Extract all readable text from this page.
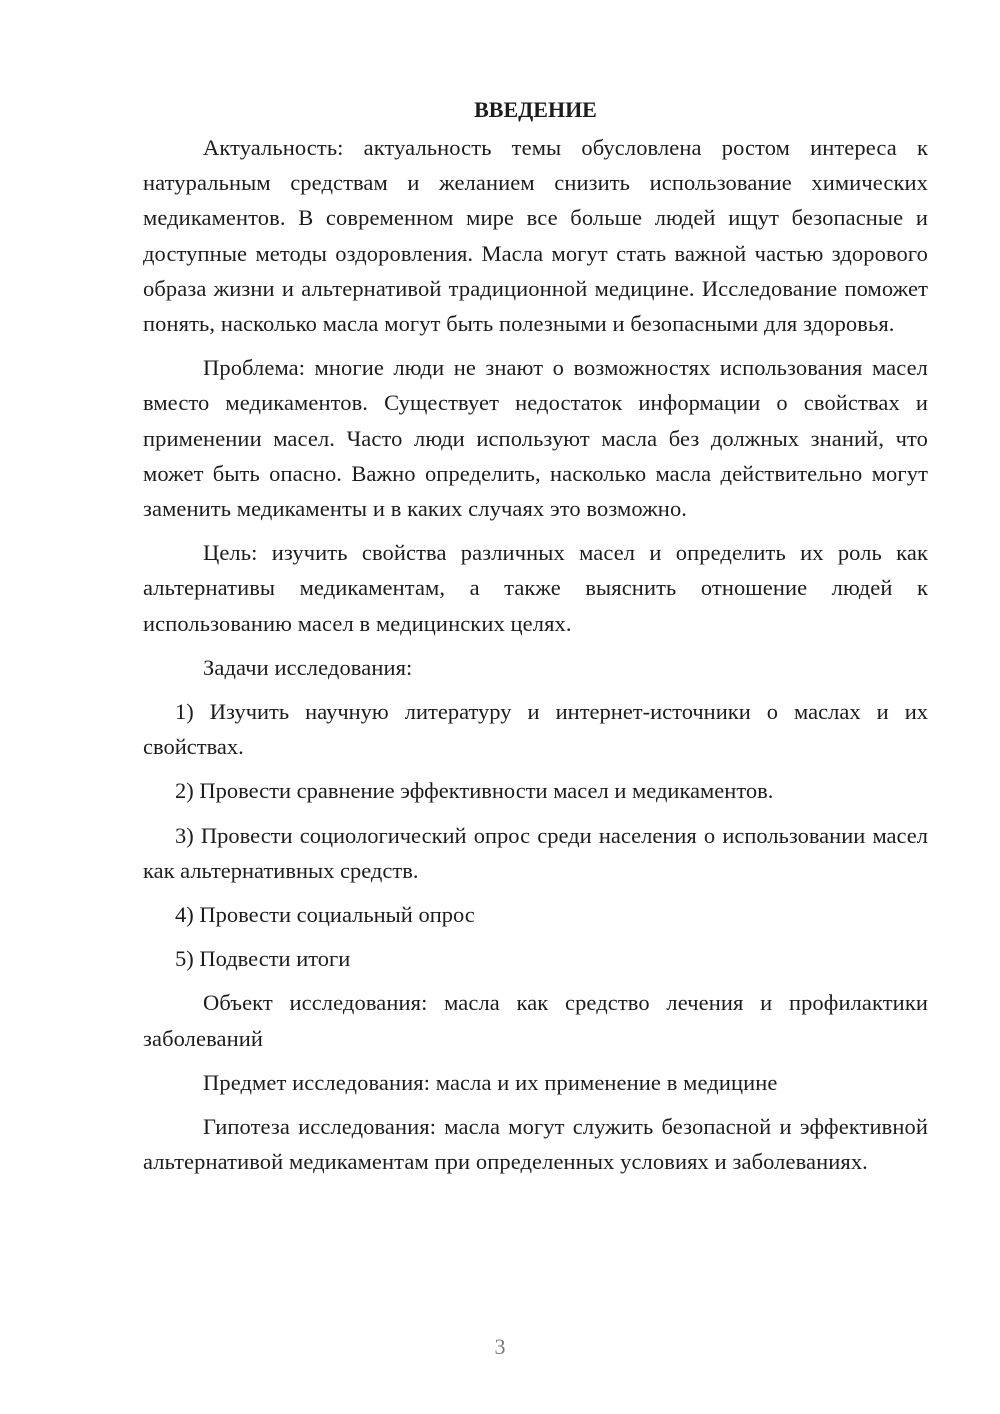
ВВЕДЕНИЕ

Актуальность: актуальность темы обусловлена ростом интереса к натуральным средствам и желанием снизить использование химических медикаментов. В современном мире все больше людей ищут безопасные и доступные методы оздоровления. Масла могут стать важной частью здорового образа жизни и альтернативой традиционной медицине. Исследование поможет понять, насколько масла могут быть полезными и безопасными для здоровья.

Проблема: многие люди не знают о возможностях использования масел вместо медикаментов. Существует недостаток информации о свойствах и применении масел. Часто люди используют масла без должных знаний, что может быть опасно. Важно определить, насколько масла действительно могут заменить медикаменты и в каких случаях это возможно.

Цель: изучить свойства различных масел и определить их роль как альтернативы медикаментам, а также выяснить отношение людей к использованию масел в медицинских целях.

Задачи исследования:

1) Изучить научную литературу и интернет-источники о маслах и их свойствах.

2) Провести сравнение эффективности масел и медикаментов.

3) Провести социологический опрос среди населения о использовании масел как альтернативных средств.

4) Провести социальный опрос

5) Подвести итоги

Объект исследования: масла как средство лечения и профилактики заболеваний

Предмет исследования: масла и их применение в медицине

Гипотеза исследования: масла могут служить безопасной и эффективной альтернативой медикаментам при определенных условиях и заболеваниях.

3
